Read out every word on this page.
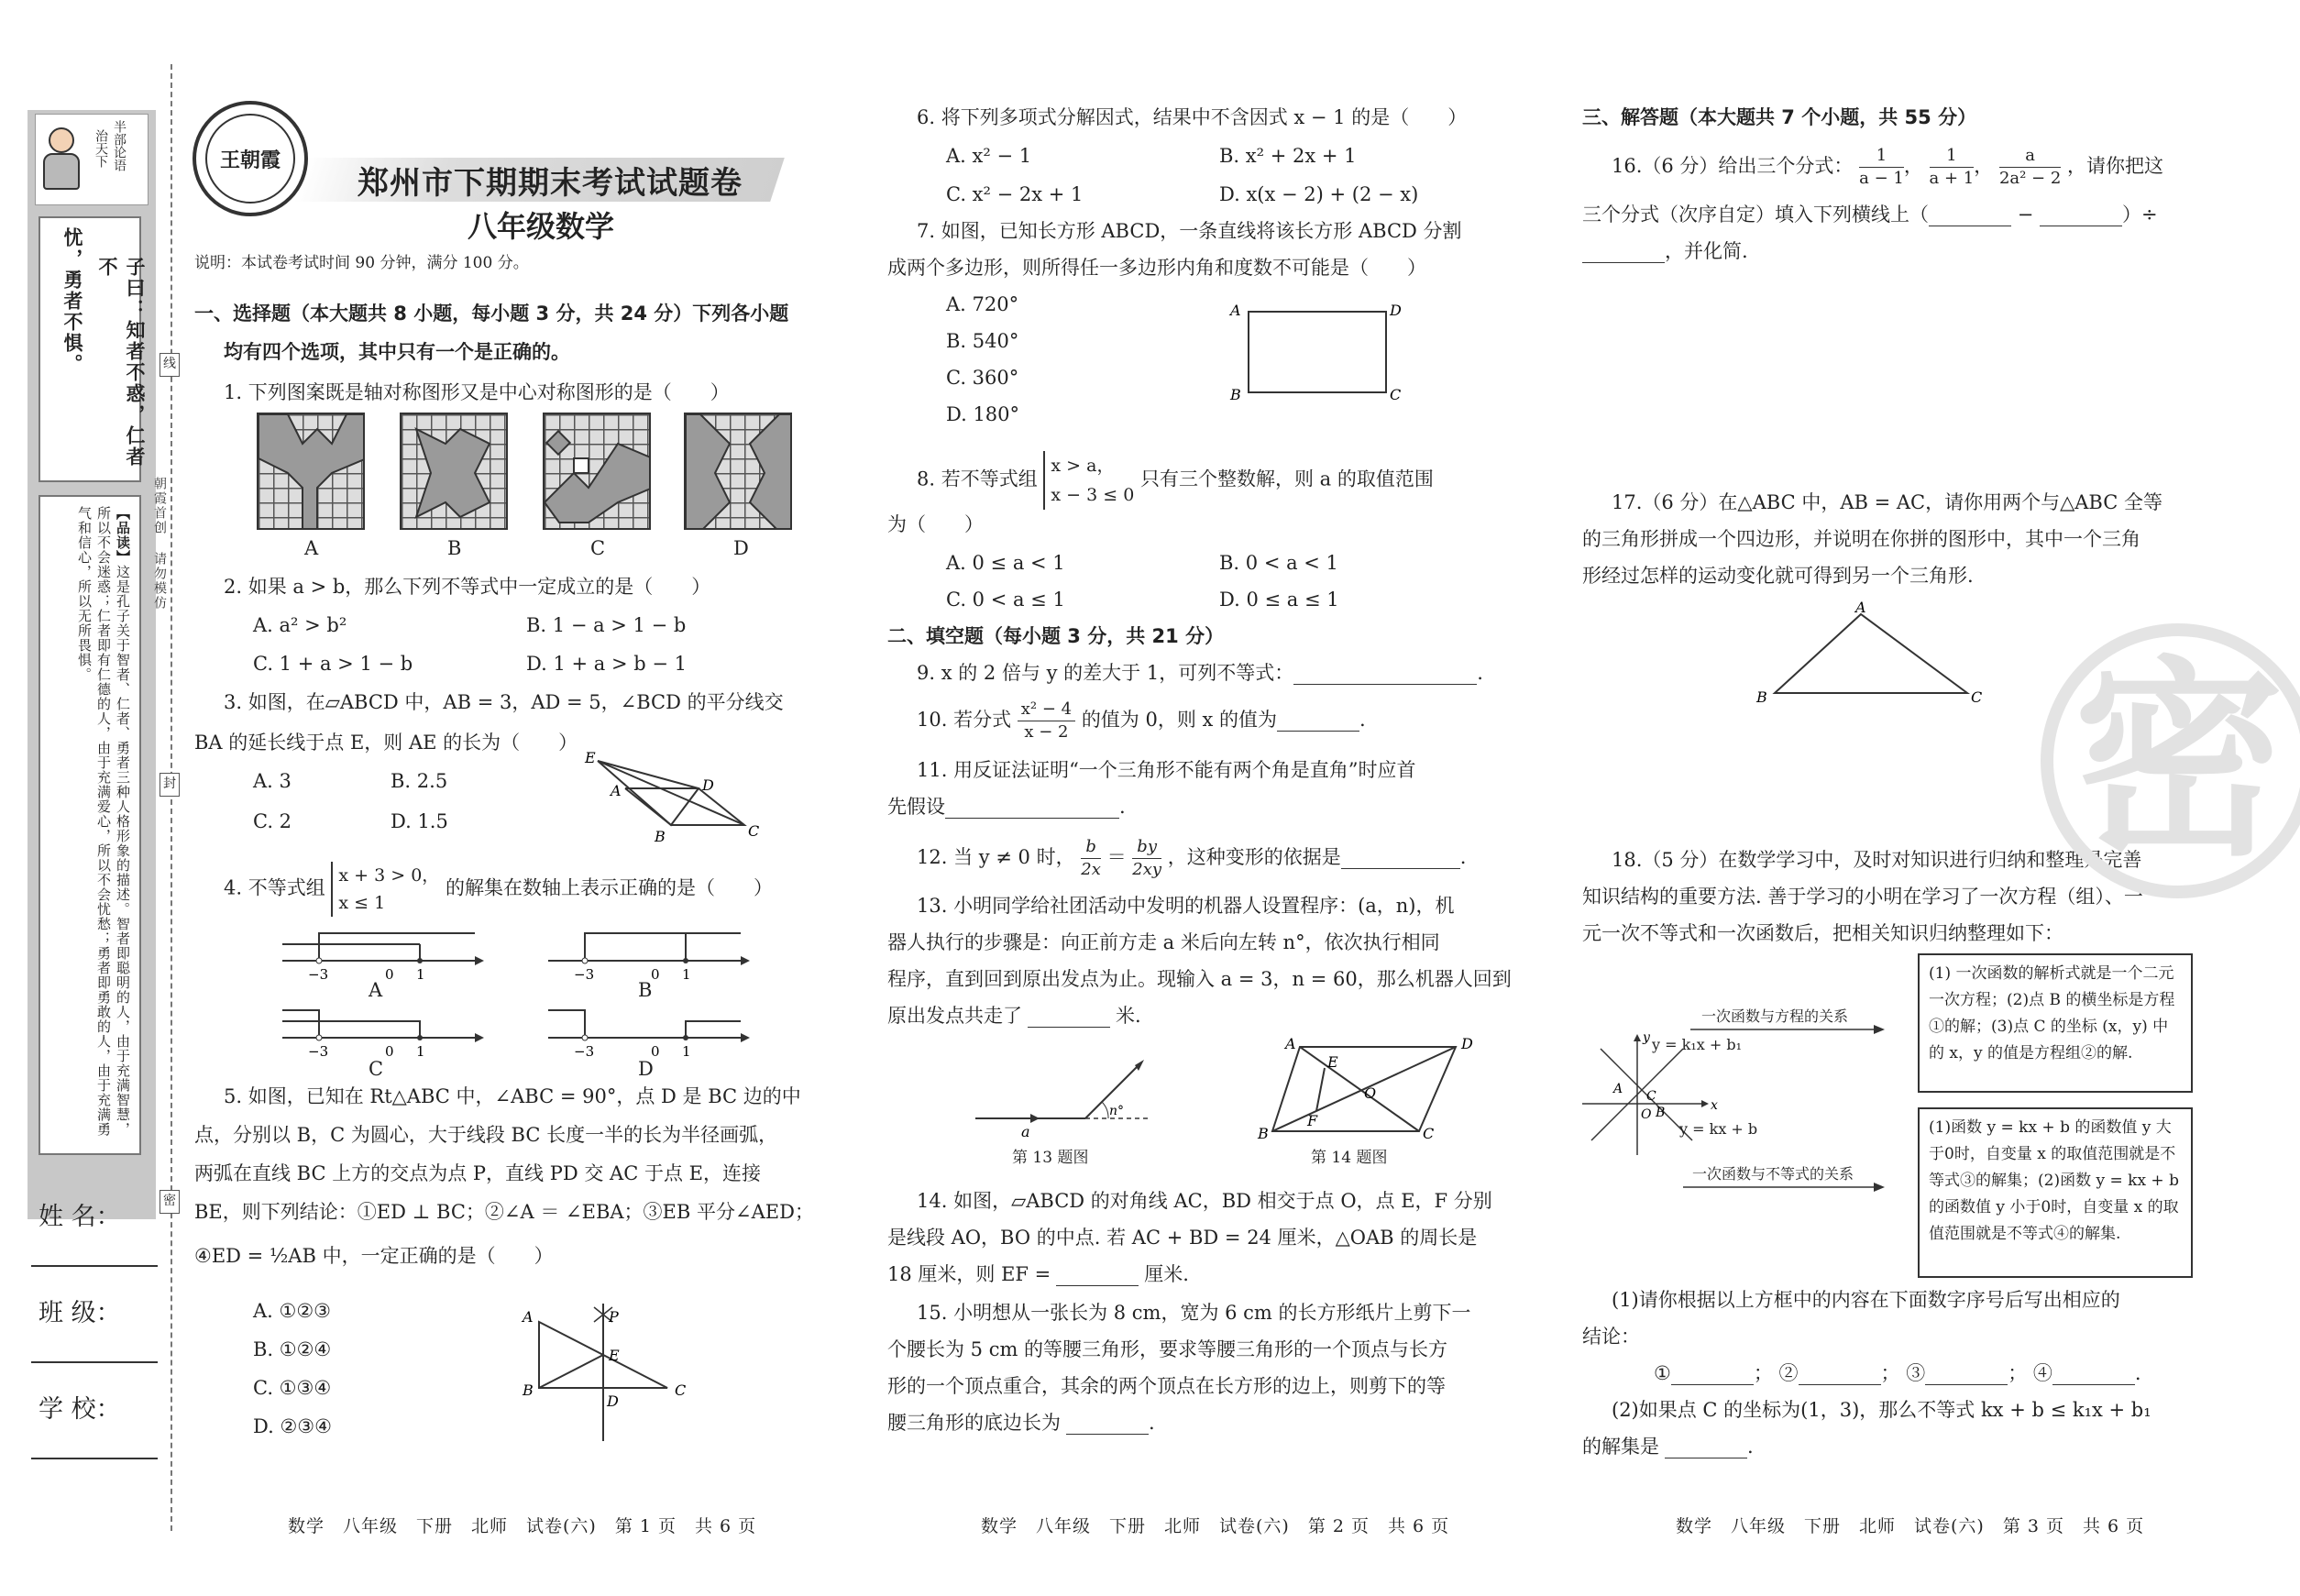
半部论语
治天下
子曰：知者不惑，仁者不
忧，勇者不惧。
【品读】这是孔子关于智者、仁者、勇者三种人格形象的描述。智者即聪明的人，由于充满智慧，所以不会迷惑；仁者即有仁德的人，由于充满爱心，所以不会忧愁；勇者即勇敢的人，由于充满勇气和信心，所以无所畏惧。
姓 名：
班 级：
学 校：
线
封
密
朝霞首创 请勿模仿
王朝霞
郑州市下期期末考试试题卷
八年级数学
说明：本试卷考试时间 90 分钟，满分 100 分。
一、选择题（本大题共 8 小题，每小题 3 分，共 24 分）下列各小题
均有四个选项，其中只有一个是正确的。
1. 下列图案既是轴对称图形又是中心对称图形的是（　　）
A	B	C	D
2. 如果 a > b，那么下列不等式中一定成立的是（　　）
A. a² > b²	B. 1 − a > 1 − b
C. 1 + a > 1 − b	D. 1 + a > b − 1
3. 如图，在▱ABCD 中，AB = 3，AD = 5，∠BCD 的平分线交
BA 的延长线于点 E，则 AE 的长为（　　）
A. 3	B. 2.5
C. 2	D. 1.5
E
A	D
B	C
4. 不等式组
x + 3 > 0，
x ≤ 1
的解集在数轴上表示正确的是（　　）
−3	0 1	−3	0 1
A	B
−3	0 1	−3	0 1
C	D
5. 如图，已知在 Rt△ABC 中，∠ABC = 90°，点 D 是 BC 边的中
点，分别以 B，C 为圆心，大于线段 BC 长度一半的长为半径画弧，
两弧在直线 BC 上方的交点为点 P，直线 PD 交 AC 于点 E，连接
BE，则下列结论：①ED ⊥ BC；②∠A ＝ ∠EBA；③EB 平分∠AED；
④ED = ½AB 中，一定正确的是（　　）
A. ①②③
B. ①②④
C. ①③④
D. ②③④
A
B	C
P
E
D
数学　八年级　下册　北师　试卷(六)　第 1 页　共 6 页
6. 将下列多项式分解因式，结果中不含因式 x − 1 的是（　　）
A. x² − 1	B. x² + 2x + 1
C. x² − 2x + 1	D. x(x − 2) + (2 − x)
7. 如图，已知长方形 ABCD，一条直线将该长方形 ABCD 分割
成两个多边形，则所得任一多边形内角和度数不可能是（　　）
A. 720°
B. 540°
C. 360°
D. 180°
A	D
B	C
8. 若不等式组
x > a，
x − 3 ≤ 0
只有三个整数解，则 a 的取值范围
为（　　）
A. 0 ≤ a < 1	B. 0 < a < 1
C. 0 < a ≤ 1	D. 0 ≤ a ≤ 1
二、填空题（每小题 3 分，共 21 分）
9. x 的 2 倍与 y 的差大于 1，可列不等式：	.
10. 若分式 $\frac{\text{x² − 4}}{x - 2}$ 的值为 0，则 x 的值为	.
11. 用反证法证明“一个三角形不能有两个角是直角”时应首
先假设	.
12. 当 y ≠ 0 时， $\frac{b}{2x} = \frac{by}{2xy}$ ，这种变形的依据是	.
13. 小明同学给社团活动中发明的机器人设置程序：(a，n)，机
器人执行的步骤是：向正前方走 a 米后向左转 n°，依次执行相同
程序，直到回到原出发点为止。现输入 a = 3，n = 60，那么机器人回到
原出发点共走了	米.
a
n°
第 13 题图
A	D
B	C
E
O
F
第 14 题图
14. 如图，▱ABCD 的对角线 AC，BD 相交于点 O，点 E，F 分别
是线段 AO，BO 的中点. 若 AC + BD = 24 厘米，△OAB 的周长是
18 厘米，则 EF =	厘米.
15. 小明想从一张长为 8 cm，宽为 6 cm 的长方形纸片上剪下一
个腰长为 5 cm 的等腰三角形，要求等腰三角形的一个顶点与长方
形的一个顶点重合，其余的两个顶点在长方形的边上，则剪下的等
腰三角形的底边长为	.
数学　八年级　下册　北师　试卷(六)　第 2 页　共 6 页
三、解答题（本大题共 7 个小题，共 55 分）
16.（6 分）给出三个分式： $\frac{1}{a - 1}$ ， $\frac{1}{a + 1}$ ， $\frac{a}{\text{2a² − 2}}$ ，请你把这
三个分式（次序自定）填入下列横线上（	−	）÷
，并化简.
17.（6 分）在△ABC 中，AB = AC，请你用两个与△ABC 全等
的三角形拼成一个四边形，并说明在你拼的图形中，其中一个三角
形经过怎样的运动变化就可得到另一个三角形.
A
B	C
18.（5 分）在数学学习中，及时对知识进行归纳和整理是完善
知识结构的重要方法. 善于学习的小明在学习了一次方程（组）、一
元一次不等式和一次函数后，把相关知识归纳整理如下：
y
x
O
A C
B
y = k₁x + b₁
y = kx + b
一次函数与方程的关系
一次函数与不等式的关系
(1) 一次函数的解析式就是一个二元一次方程；(2)点 B 的横坐标是方程①的解；(3)点 C 的坐标 (x，y) 中的 x，y 的值是方程组②的解.
(1)函数 y = kx + b 的函数值 y 大于0时，自变量 x 的取值范围就是不等式③的解集；(2)函数 y = kx + b 的函数值 y 小于0时，自变量 x 的取值范围就是不等式④的解集.
(1)请你根据以上方框中的内容在下面数字序号后写出相应的
结论：
①	； ②	； ③	； ④	.
(2)如果点 C 的坐标为(1，3)，那么不等式 kx + b ≤ k₁x + b₁
的解集是	.
数学　八年级　下册　北师　试卷(六)　第 3 页　共 6 页
密
